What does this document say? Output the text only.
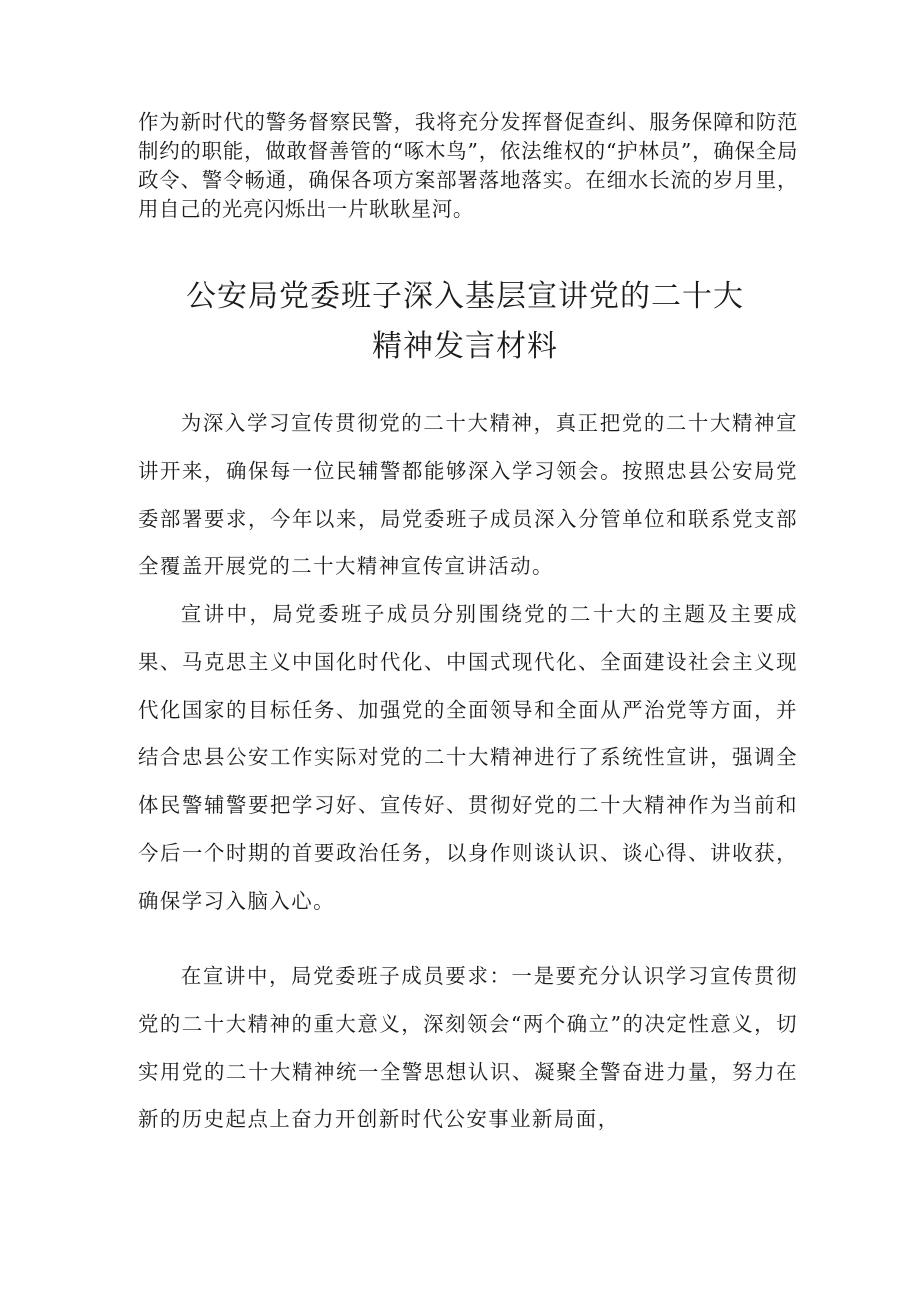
作为新时代的警务督察民警，我将充分发挥督促查纠、服务保障和防范制约的职能，做敢督善管的“啄木鸟”，依法维权的“护林员”，确保全局政令、警令畅通，确保各项方案部署落地落实。在细水长流的岁月里，用自己的光亮闪烁出一片耿耿星河。

公安局党委班子深入基层宣讲党的二十大
精神发言材料

为深入学习宣传贯彻党的二十大精神，真正把党的二十大精神宣讲开来，确保每一位民辅警都能够深入学习领会。按照忠县公安局党委部署要求，今年以来，局党委班子成员深入分管单位和联系党支部全覆盖开展党的二十大精神宣传宣讲活动。

宣讲中，局党委班子成员分别围绕党的二十大的主题及主要成果、马克思主义中国化时代化、中国式现代化、全面建设社会主义现代化国家的目标任务、加强党的全面领导和全面从严治党等方面，并结合忠县公安工作实际对党的二十大精神进行了系统性宣讲，强调全体民警辅警要把学习好、宣传好、贯彻好党的二十大精神作为当前和今后一个时期的首要政治任务，以身作则谈认识、谈心得、讲收获，确保学习入脑入心。

在宣讲中，局党委班子成员要求：一是要充分认识学习宣传贯彻党的二十大精神的重大意义，深刻领会“两个确立”的决定性意义，切实用党的二十大精神统一全警思想认识、凝聚全警奋进力量，努力在新的历史起点上奋力开创新时代公安事业新局面，
